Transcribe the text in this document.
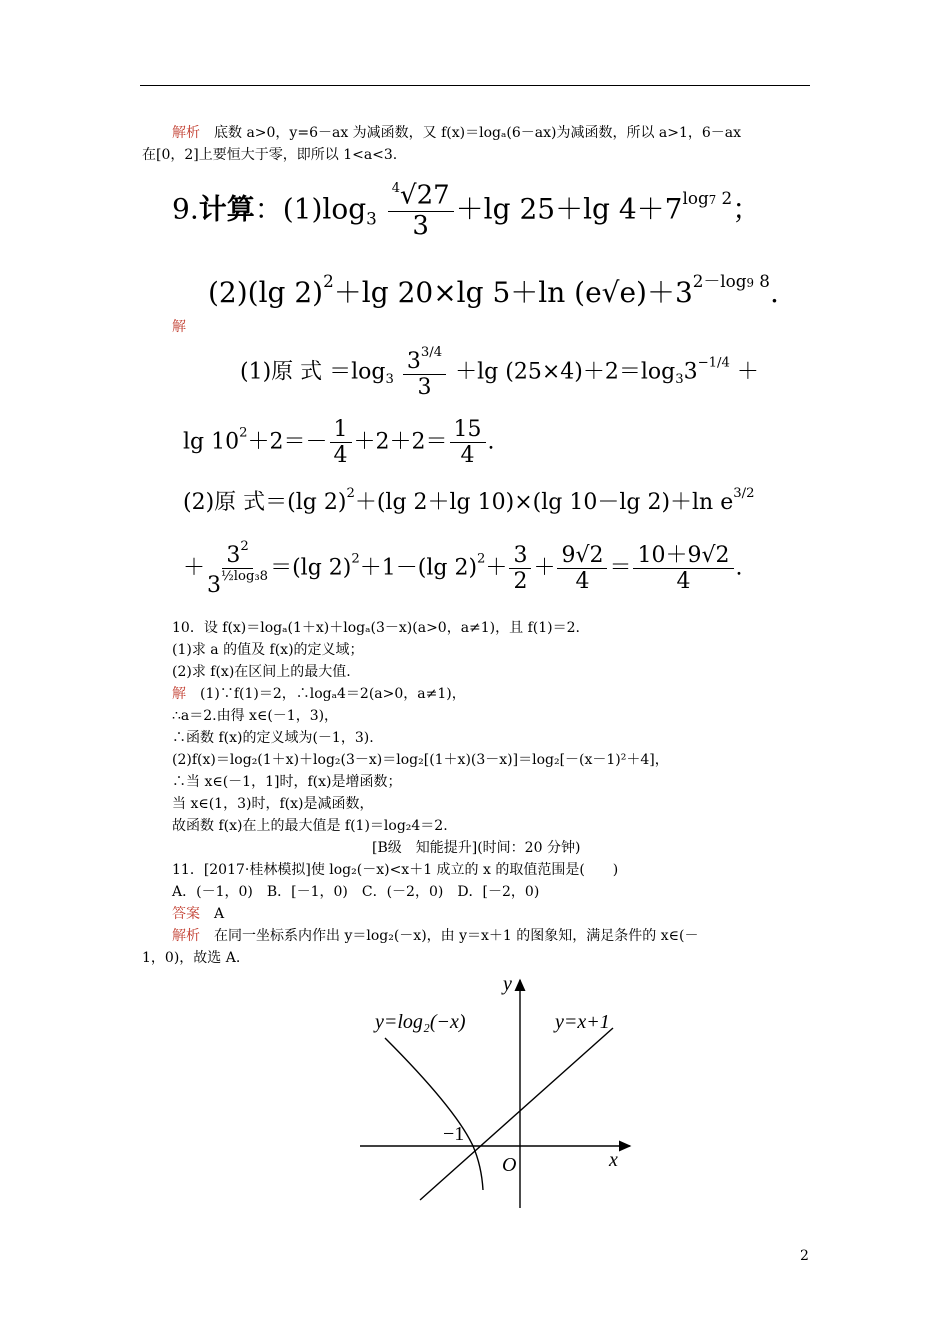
解析　 底数 a>0，y=6－ax 为减函数，又 f(x)＝logₐ(6－ax)为减函数，所以 a>1，6－ax
在[0，2]上要恒大于零，即所以 1<a<3.
9.计算：$(1)\log_3 \frac{^4√27}{3} +\lg$ 25＋lg $4+7^{log7 2}$；
(2)(lg 2)$^2$＋lg 20×lg 5＋ln $(e√e)+3^{2-log9 8}$.
解
(1)原 式 $=\log_3 \frac{3^{3/4}}{3} +\lg$ $(25\times 4)+2=\log_33^{-1/4}$ ＋
$\lg 10^2+2=- \frac{1}{4} +2+2= \frac{15}{4}$ .
(2)原 式＝(lg 2)$^2$＋(lg 2＋lg 10)×(lg 10－lg 2)＋ln $e^{3/2}$
＋ $\frac{3^2}{3^{\frac{1}{2}log_38}} =(\lg$ 2)$^2$＋1－(lg $2)^2+ \frac{3}{2} + \frac{9√2}{4} = \frac{10+9√2}{4}$ .
10．设 f(x)＝logₐ(1＋x)＋logₐ(3－x)(a>0，a≠1)，且 f(1)＝2.
(1)求 a 的值及 f(x)的定义域；
(2)求 f(x)在区间上的最大值.
解　 (1)∵f(1)＝2，∴logₐ4＝2(a>0，a≠1)，
∴a＝2.由得 x∈(－1，3)，
∴函数 f(x)的定义域为(－1，3).
(2)f(x)＝log₂(1＋x)＋log₂(3－x)＝log₂[(1＋x)(3－x)]＝log₂[－(x－1)²＋4]，
∴当 x∈(－1，1]时，f(x)是增函数；
当 x∈(1，3)时，f(x)是减函数，
故函数 f(x)在上的最大值是 f(1)＝log₂4＝2.
[B级　知能提升](时间：20 分钟)
11．[2017·桂林模拟]使 log₂(－x)<x＋1 成立的 x 的取值范围是(　　)
A．(－1，0)　B．[－1，0)　C．(－2，0)　D．[－2，0)
答案　 A
解析　 在同一坐标系内作出 y＝log₂(－x)，由 y＝x＋1 的图象知，满足条件的 x∈(－
1，0)，故选 A.
y
x
O
y=log₂(−x)	y=x+1
−1
2
